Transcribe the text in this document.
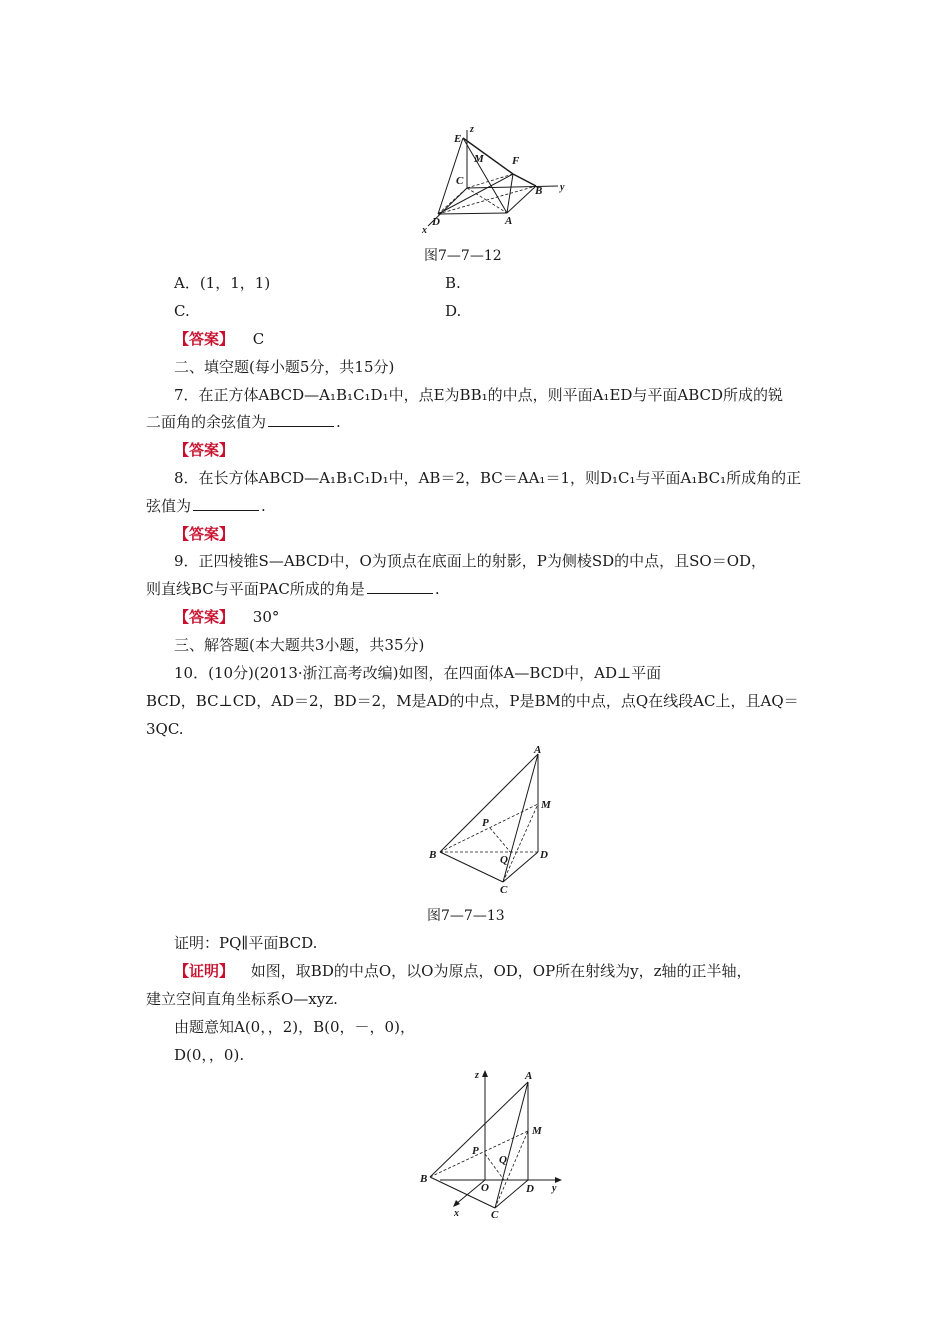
E
z
M	F
C
B y
D	A
x
图7—7—12
A．(1，1，1)	B.
C.	D.
【答案】 C
二、填空题(每小题5分，共15分)
7．在正方体ABCD—A₁B₁C₁D₁中，点E为BB₁的中点，则平面A₁ED与平面ABCD所成的锐
二面角的余弦值为	.
【答案】
8．在长方体ABCD—A₁B₁C₁D₁中，AB＝2，BC＝AA₁＝1，则D₁C₁与平面A₁BC₁所成角的正
弦值为	.
【答案】
9．正四棱锥S—ABCD中，O为顶点在底面上的射影，P为侧棱SD的中点，且SO＝OD，
则直线BC与平面PAC所成的角是	.
【答案】 30°
三、解答题(本大题共3小题，共35分)
10．(10分)(2013·浙江高考改编)如图，在四面体A—BCD中，AD⊥平面
BCD，BC⊥CD，AD＝2，BD＝2，M是AD的中点，P是BM的中点，点Q在线段AC上，且AQ＝
3QC.
A
M
P
B	Q	D
C
图7—7—13
证明：PQ∥平面BCD.
【证明】 如图，取BD的中点O，以O为原点，OD，OP所在射线为y，z轴的正半轴，
建立空间直角坐标系O—xyz.
由题意知A(0，，2)，B(0，－，0)，
D(0，，0).
z	A
M
P
Q
B
O	D y
x	C
